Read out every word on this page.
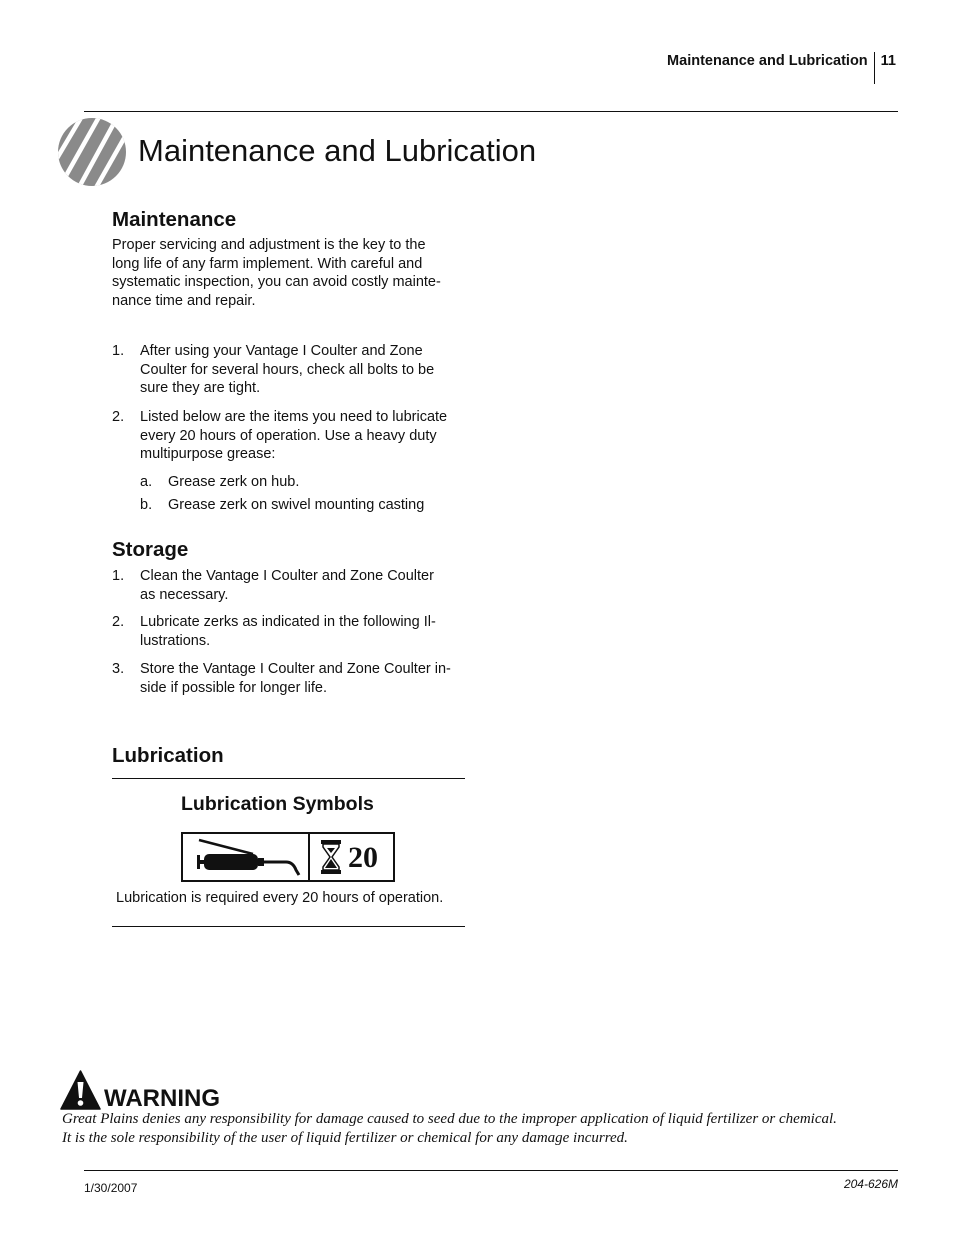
Maintenance and Lubrication 11
Maintenance and Lubrication
Maintenance
Proper servicing and adjustment is the key to the
long life of any farm implement. With careful and
systematic inspection, you can avoid costly mainte-
nance time and repair.
1. After using your Vantage I Coulter and Zone
Coulter for several hours, check all bolts to be
sure they are tight.
2. Listed below are the items you need to lubricate
every 20 hours of operation. Use a heavy duty
multipurpose grease:
a. Grease zerk on hub.
b. Grease zerk on swivel mounting casting
Storage
1. Clean the Vantage I Coulter and Zone Coulter
as necessary.
2. Lubricate zerks as indicated in the following Il-
lustrations.
3. Store the Vantage I Coulter and Zone Coulter in-
side if possible for longer life.
Lubrication
Lubrication Symbols
20
Lubrication is required every 20 hours of operation.
WARNING
Great Plains denies any responsibility for damage caused to seed due to the improper application of liquid fertilizer or chemical.
It is the sole responsibility of the user of liquid fertilizer or chemical for any damage incurred.
1/30/2007	204-626M
